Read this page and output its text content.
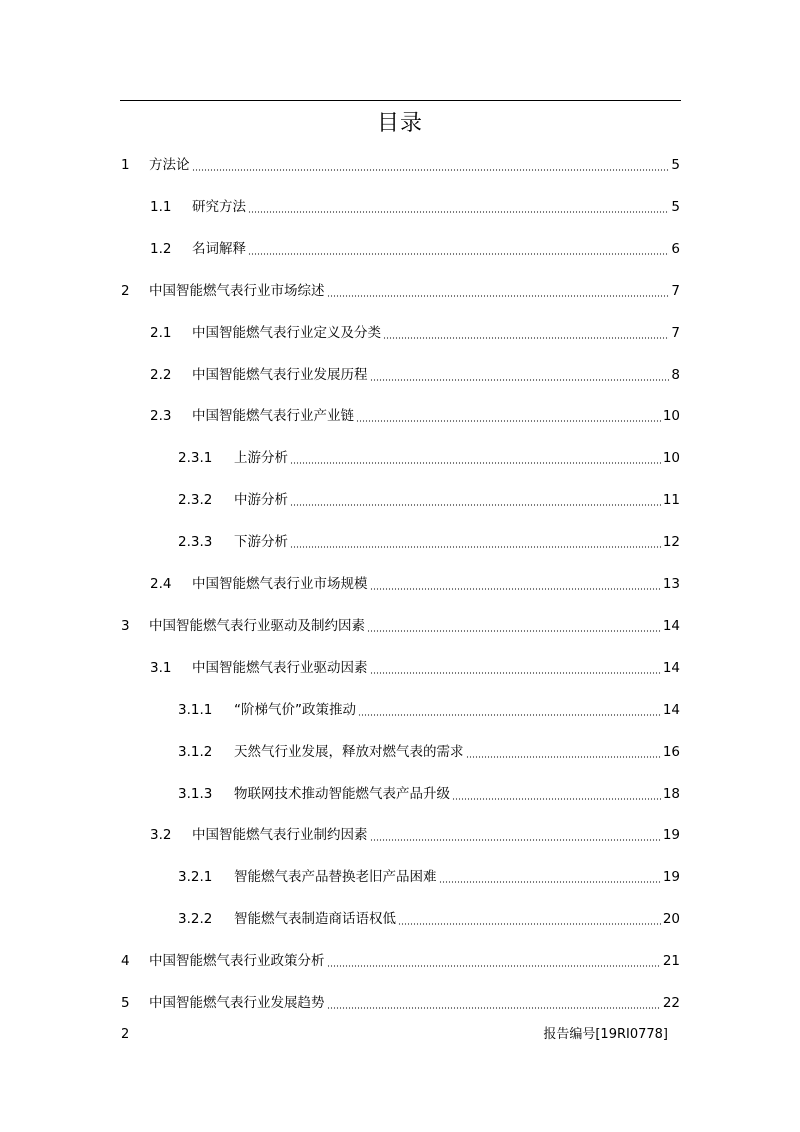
目录
1	方法论	5
1.1	研究方法	5
1.2	名词解释	6
2	中国智能燃气表行业市场综述	7
2.1	中国智能燃气表行业定义及分类	7
2.2	中国智能燃气表行业发展历程	8
2.3	中国智能燃气表行业产业链	10
2.3.1	上游分析	10
2.3.2	中游分析	11
2.3.3	下游分析	12
2.4	中国智能燃气表行业市场规模	13
3	中国智能燃气表行业驱动及制约因素	14
3.1	中国智能燃气表行业驱动因素	14
3.1.1	“阶梯气价”政策推动	14
3.1.2	天然气行业发展，释放对燃气表的需求	16
3.1.3	物联网技术推动智能燃气表产品升级	18
3.2	中国智能燃气表行业制约因素	19
3.2.1	智能燃气表产品替换老旧产品困难	19
3.2.2	智能燃气表制造商话语权低	20
4	中国智能燃气表行业政策分析	21
5	中国智能燃气表行业发展趋势	22
2	报告编号[19RI0778]
